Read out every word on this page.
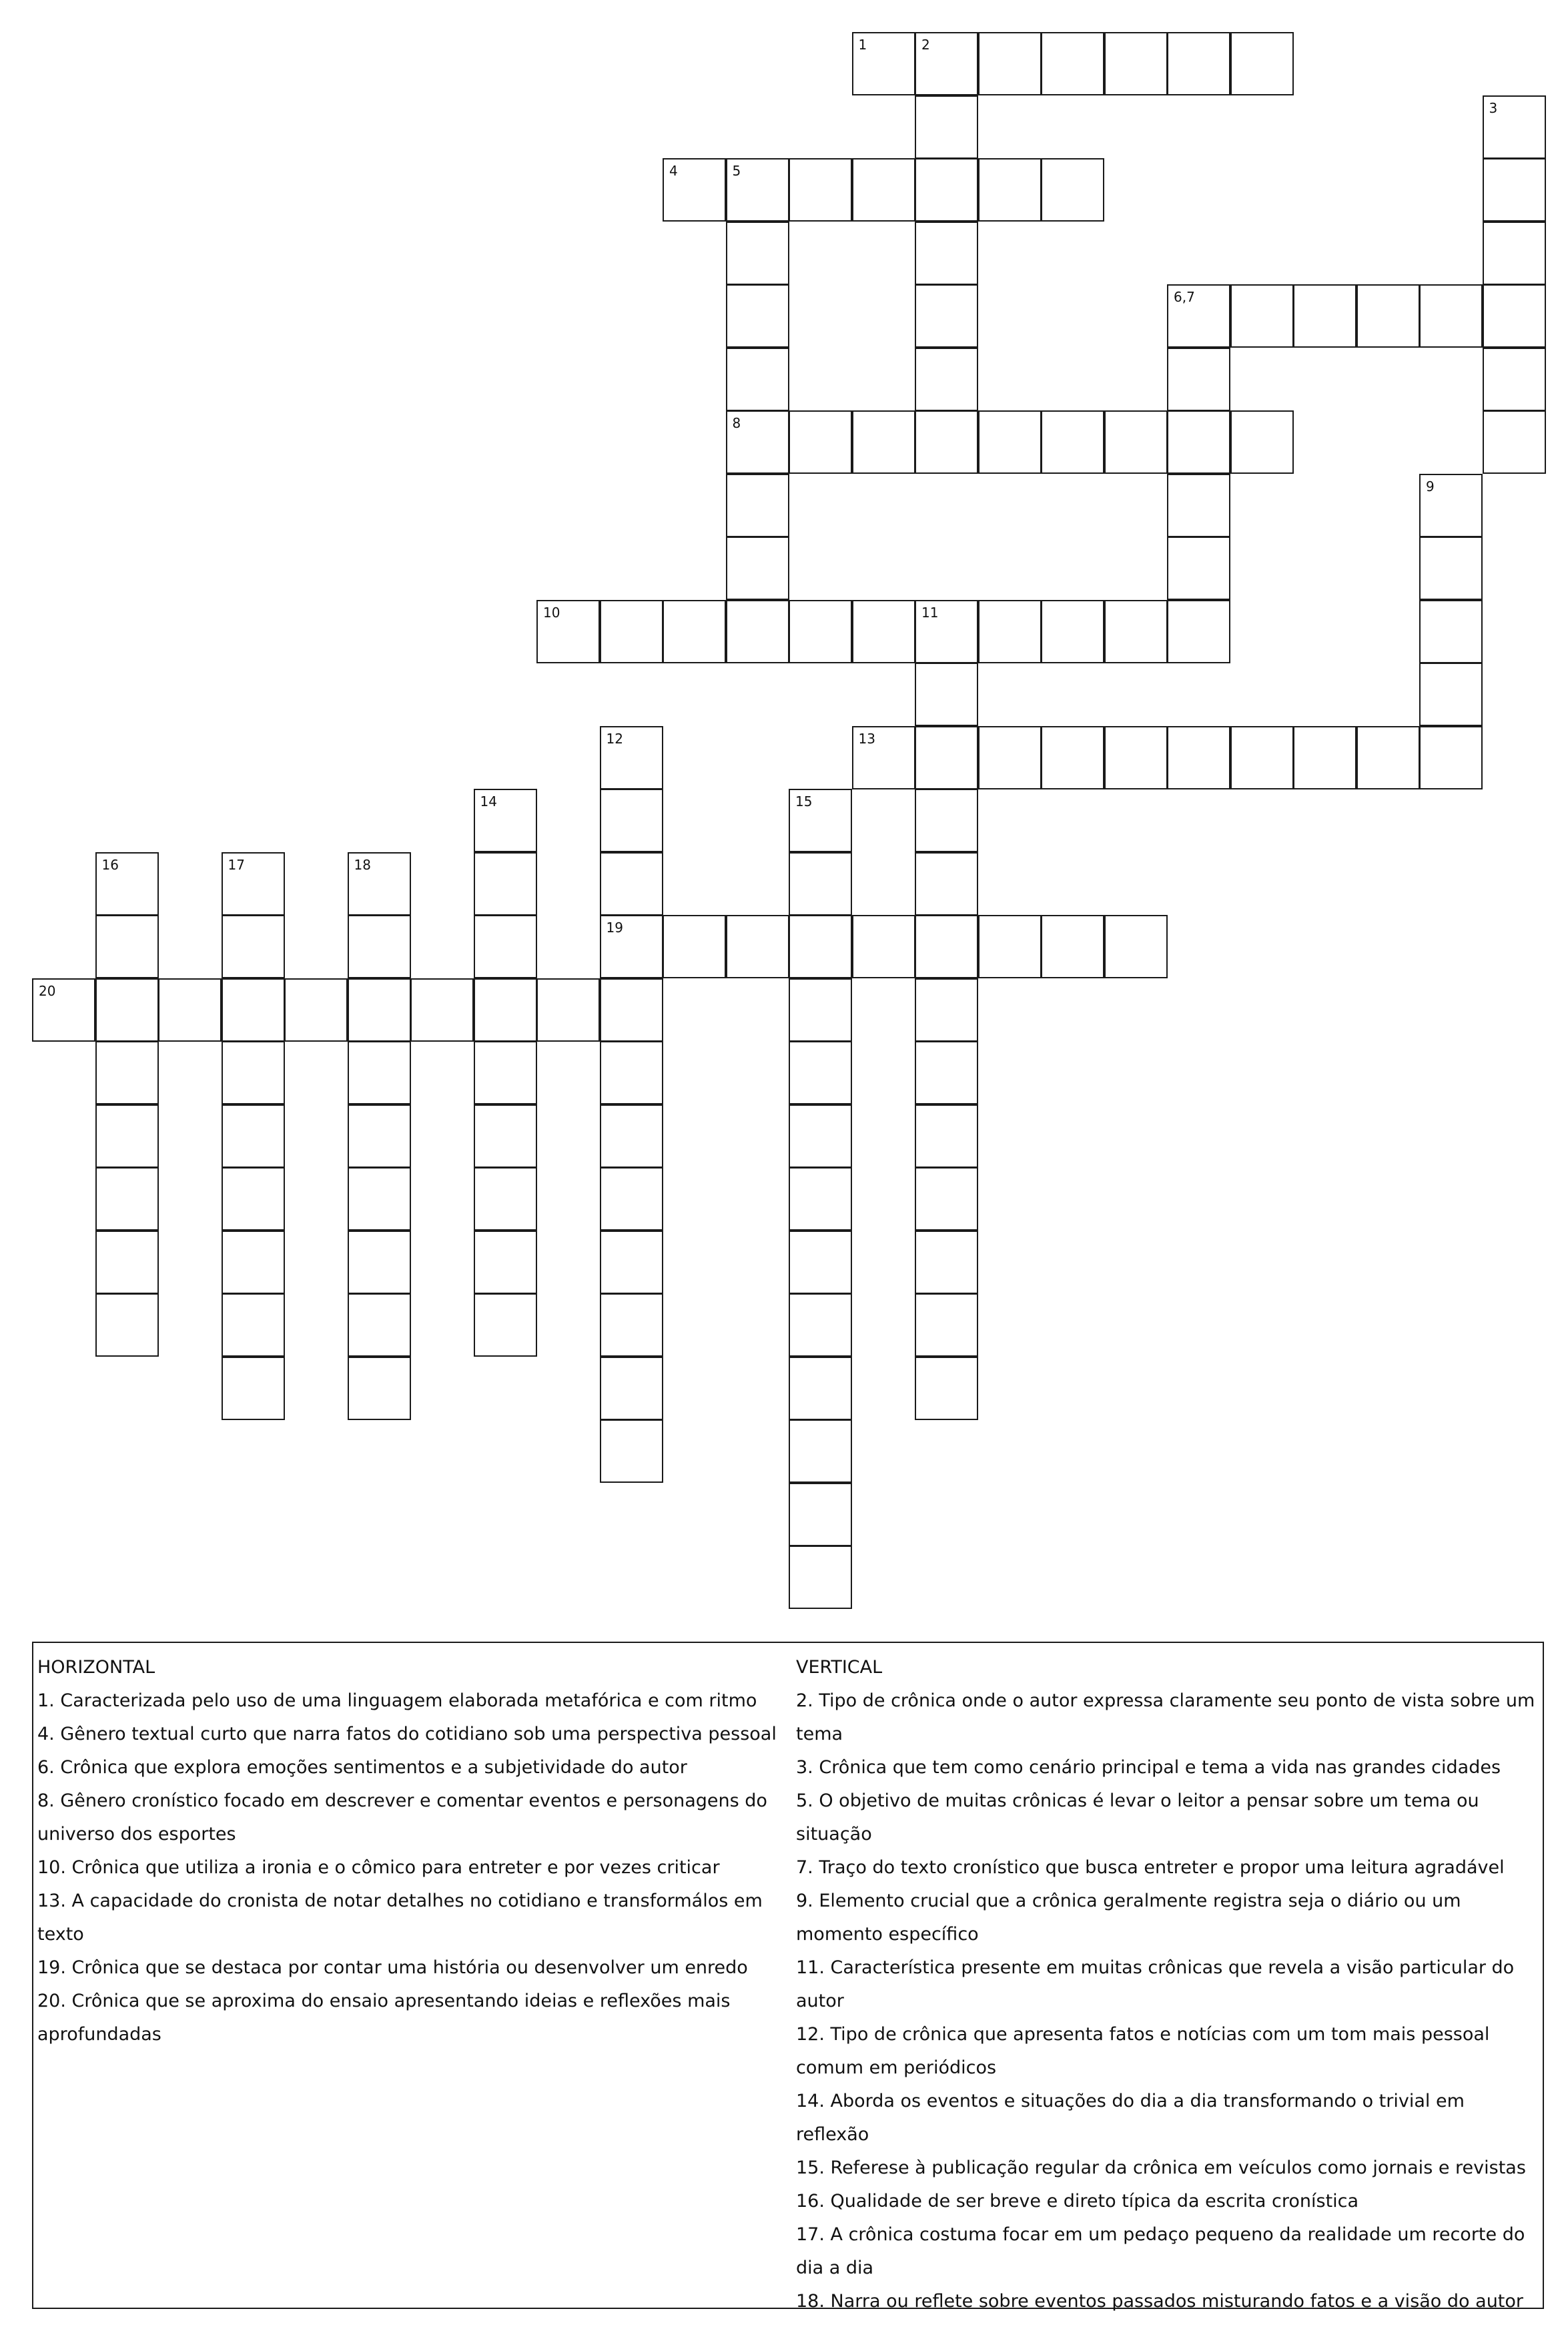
1	2
3
4	5
8
6,7
9
10	11
12
19
13
14	15
16	17	18
20
HORIZONTAL
1. Caracterizada pelo uso de uma linguagem elaborada metafórica e com ritmo
4. Gênero textual curto que narra fatos do cotidiano sob uma perspectiva pessoal
6. Crônica que explora emoções sentimentos e a subjetividade do autor
8. Gênero cronístico focado em descrever e comentar eventos e personagens do universo dos esportes
10. Crônica que utiliza a ironia e o cômico para entreter e por vezes criticar
13. A capacidade do cronista de notar detalhes no cotidiano e transformálos em texto
19. Crônica que se destaca por contar uma história ou desenvolver um enredo
20. Crônica que se aproxima do ensaio apresentando ideias e reflexões mais aprofundadas
VERTICAL
2. Tipo de crônica onde o autor expressa claramente seu ponto de vista sobre um tema
3. Crônica que tem como cenário principal e tema a vida nas grandes cidades
5. O objetivo de muitas crônicas é levar o leitor a pensar sobre um tema ou situação
7. Traço do texto cronístico que busca entreter e propor uma leitura agradável
9. Elemento crucial que a crônica geralmente registra seja o diário ou um momento específico
11. Característica presente em muitas crônicas que revela a visão particular do autor
12. Tipo de crônica que apresenta fatos e notícias com um tom mais pessoal comum em periódicos
14. Aborda os eventos e situações do dia a dia transformando o trivial em reflexão
15. Referese à publicação regular da crônica em veículos como jornais e revistas
16. Qualidade de ser breve e direto típica da escrita cronística
17. A crônica costuma focar em um pedaço pequeno da realidade um recorte do dia a dia
18. Narra ou reflete sobre eventos passados misturando fatos e a visão do autor
